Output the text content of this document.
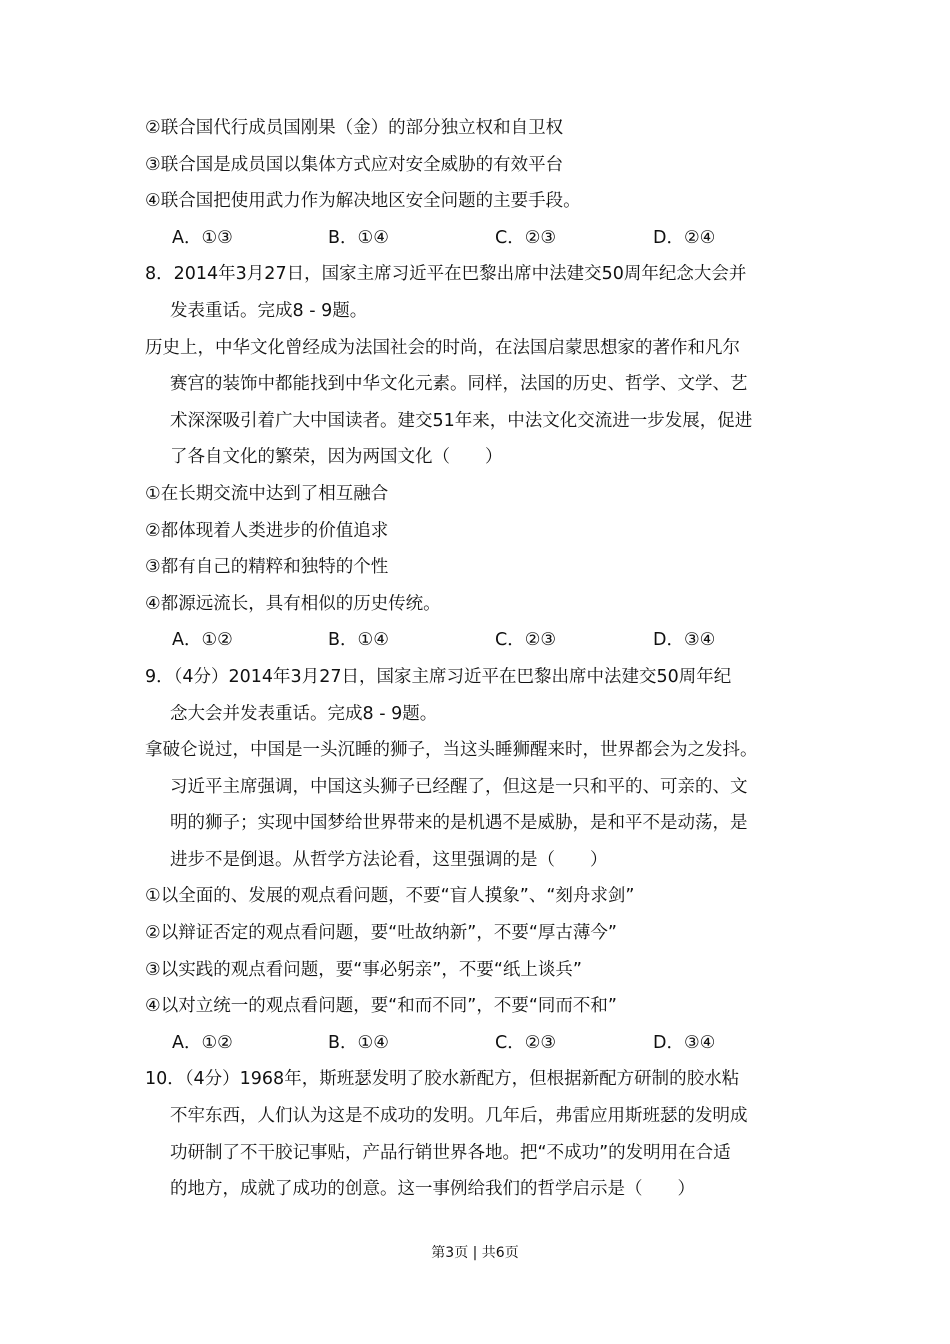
②联合国代行成员国刚果（金）的部分独立权和自卫权
③联合国是成员国以集体方式应对安全威胁的有效平台
④联合国把使用武力作为解决地区安全问题的主要手段。
A．①③	B．①④	C．②③	D．②④
8．2014年3月27日，国家主席习近平在巴黎出席中法建交50周年纪念大会并
发表重话。完成8 - 9题。
历史上，中华文化曾经成为法国社会的时尚，在法国启蒙思想家的著作和凡尔
赛宫的装饰中都能找到中华文化元素。同样，法国的历史、哲学、文学、艺
术深深吸引着广大中国读者。建交51年来，中法文化交流进一步发展，促进
了各自文化的繁荣，因为两国文化（　　）
①在长期交流中达到了相互融合
②都体现着人类进步的价值追求
③都有自己的精粹和独特的个性
④都源远流长，具有相似的历史传统。
A．①②	B．①④	C．②③	D．③④
9．（4分）2014年3月27日，国家主席习近平在巴黎出席中法建交50周年纪
念大会并发表重话。完成8 - 9题。
拿破仑说过，中国是一头沉睡的狮子，当这头睡狮醒来时，世界都会为之发抖。
习近平主席强调，中国这头狮子已经醒了，但这是一只和平的、可亲的、文
明的狮子；实现中国梦给世界带来的是机遇不是威胁，是和平不是动荡，是
进步不是倒退。从哲学方法论看，这里强调的是（　　）
①以全面的、发展的观点看问题，不要“盲人摸象”、“刻舟求剑”
②以辩证否定的观点看问题，要“吐故纳新”，不要“厚古薄今”
③以实践的观点看问题，要“事必躬亲”，不要“纸上谈兵”
④以对立统一的观点看问题，要“和而不同”，不要“同而不和”
A．①②	B．①④	C．②③	D．③④
10．（4分）1968年，斯班瑟发明了胶水新配方，但根据新配方研制的胶水粘
不牢东西，人们认为这是不成功的发明。几年后，弗雷应用斯班瑟的发明成
功研制了不干胶记事贴，产品行销世界各地。把“不成功”的发明用在合适
的地方，成就了成功的创意。这一事例给我们的哲学启示是（　　）
第3页 | 共6页
